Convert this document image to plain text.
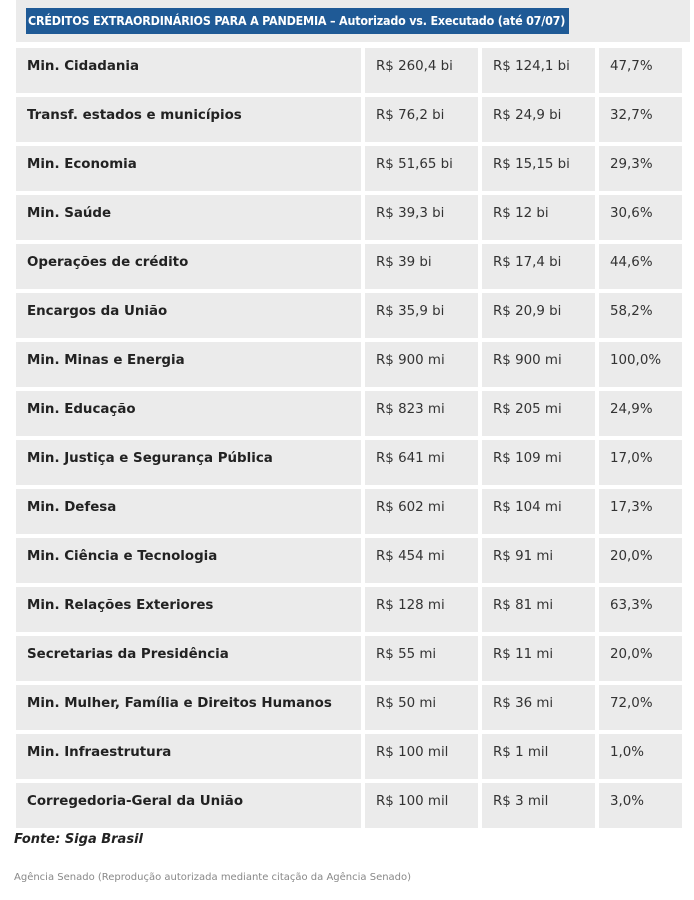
CRÉDITOS EXTRAORDINÁRIOS PARA A PANDEMIA – Autorizado vs. Executado (até 07/07)
Min. Cidadania	R$ 260,4 bi	R$ 124,1 bi	47,7%
Transf. estados e municípios	R$ 76,2 bi	R$ 24,9 bi	32,7%
Min. Economia	R$ 51,65 bi	R$ 15,15 bi	29,3%
Min. Saúde	R$ 39,3 bi	R$ 12 bi	30,6%
Operações de crédito	R$ 39 bi	R$ 17,4 bi	44,6%
Encargos da União	R$ 35,9 bi	R$ 20,9 bi	58,2%
Min. Minas e Energia	R$ 900 mi	R$ 900 mi	100,0%
Min. Educação	R$ 823 mi	R$ 205 mi	24,9%
Min. Justiça e Segurança Pública	R$ 641 mi	R$ 109 mi	17,0%
Min. Defesa	R$ 602 mi	R$ 104 mi	17,3%
Min. Ciência e Tecnologia	R$ 454 mi	R$ 91 mi	20,0%
Min. Relações Exteriores	R$ 128 mi	R$ 81 mi	63,3%
Secretarias da Presidência	R$ 55 mi	R$ 11 mi	20,0%
Min. Mulher, Família e Direitos Humanos	R$ 50 mi	R$ 36 mi	72,0%
Min. Infraestrutura	R$ 100 mil	R$ 1 mil	1,0%
Corregedoria-Geral da União	R$ 100 mil	R$ 3 mil	3,0%
Fonte: Siga Brasil
Agência Senado (Reprodução autorizada mediante citação da Agência Senado)
